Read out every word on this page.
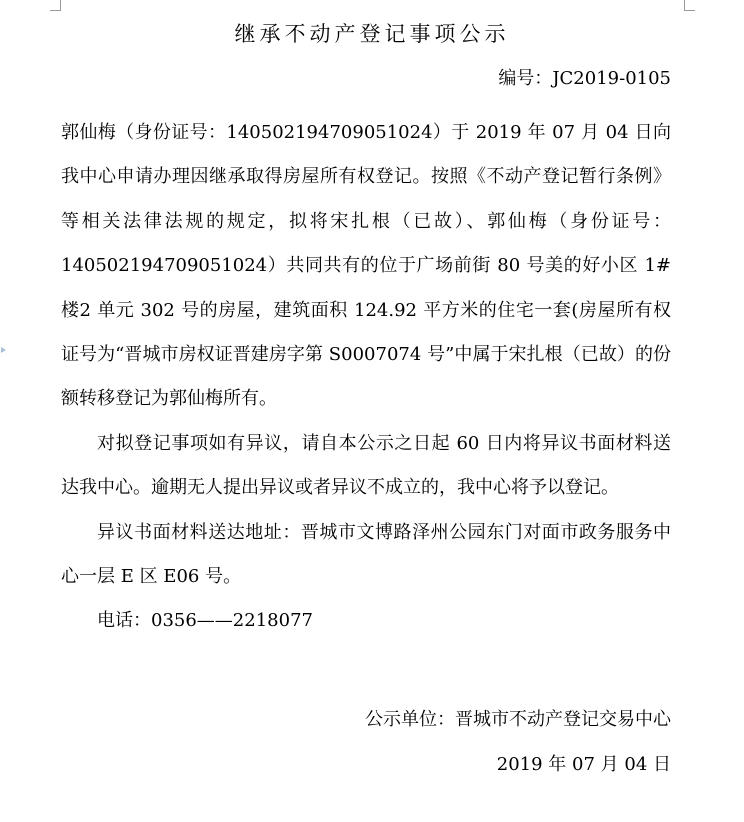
继承不动产登记事项公示
编号：JC2019-0105

郭仙梅（身份证号：140502194709051024）于 2019 年 07 月 04 日向我中心申请办理因继承取得房屋所有权登记。按照《不动产登记暂行条例》等相关法律法规的规定，拟将宋扎根（已故）、郭仙梅（身份证号：140502194709051024）共同共有的位于广场前街 80 号美的好小区 1#楼2 单元 302 号的房屋，建筑面积 124.92 平方米的住宅一套(房屋所有权证号为“晋城市房权证晋建房字第 S0007074 号”中属于宋扎根（已故）的份额转移登记为郭仙梅所有。

对拟登记事项如有异议，请自本公示之日起 60 日内将异议书面材料送达我中心。逾期无人提出异议或者异议不成立的，我中心将予以登记。

异议书面材料送达地址：晋城市文博路泽州公园东门对面市政务服务中心一层 E 区 E06 号。

电话：0356——2218077

公示单位：晋城市不动产登记交易中心
2019 年 07 月 04 日
